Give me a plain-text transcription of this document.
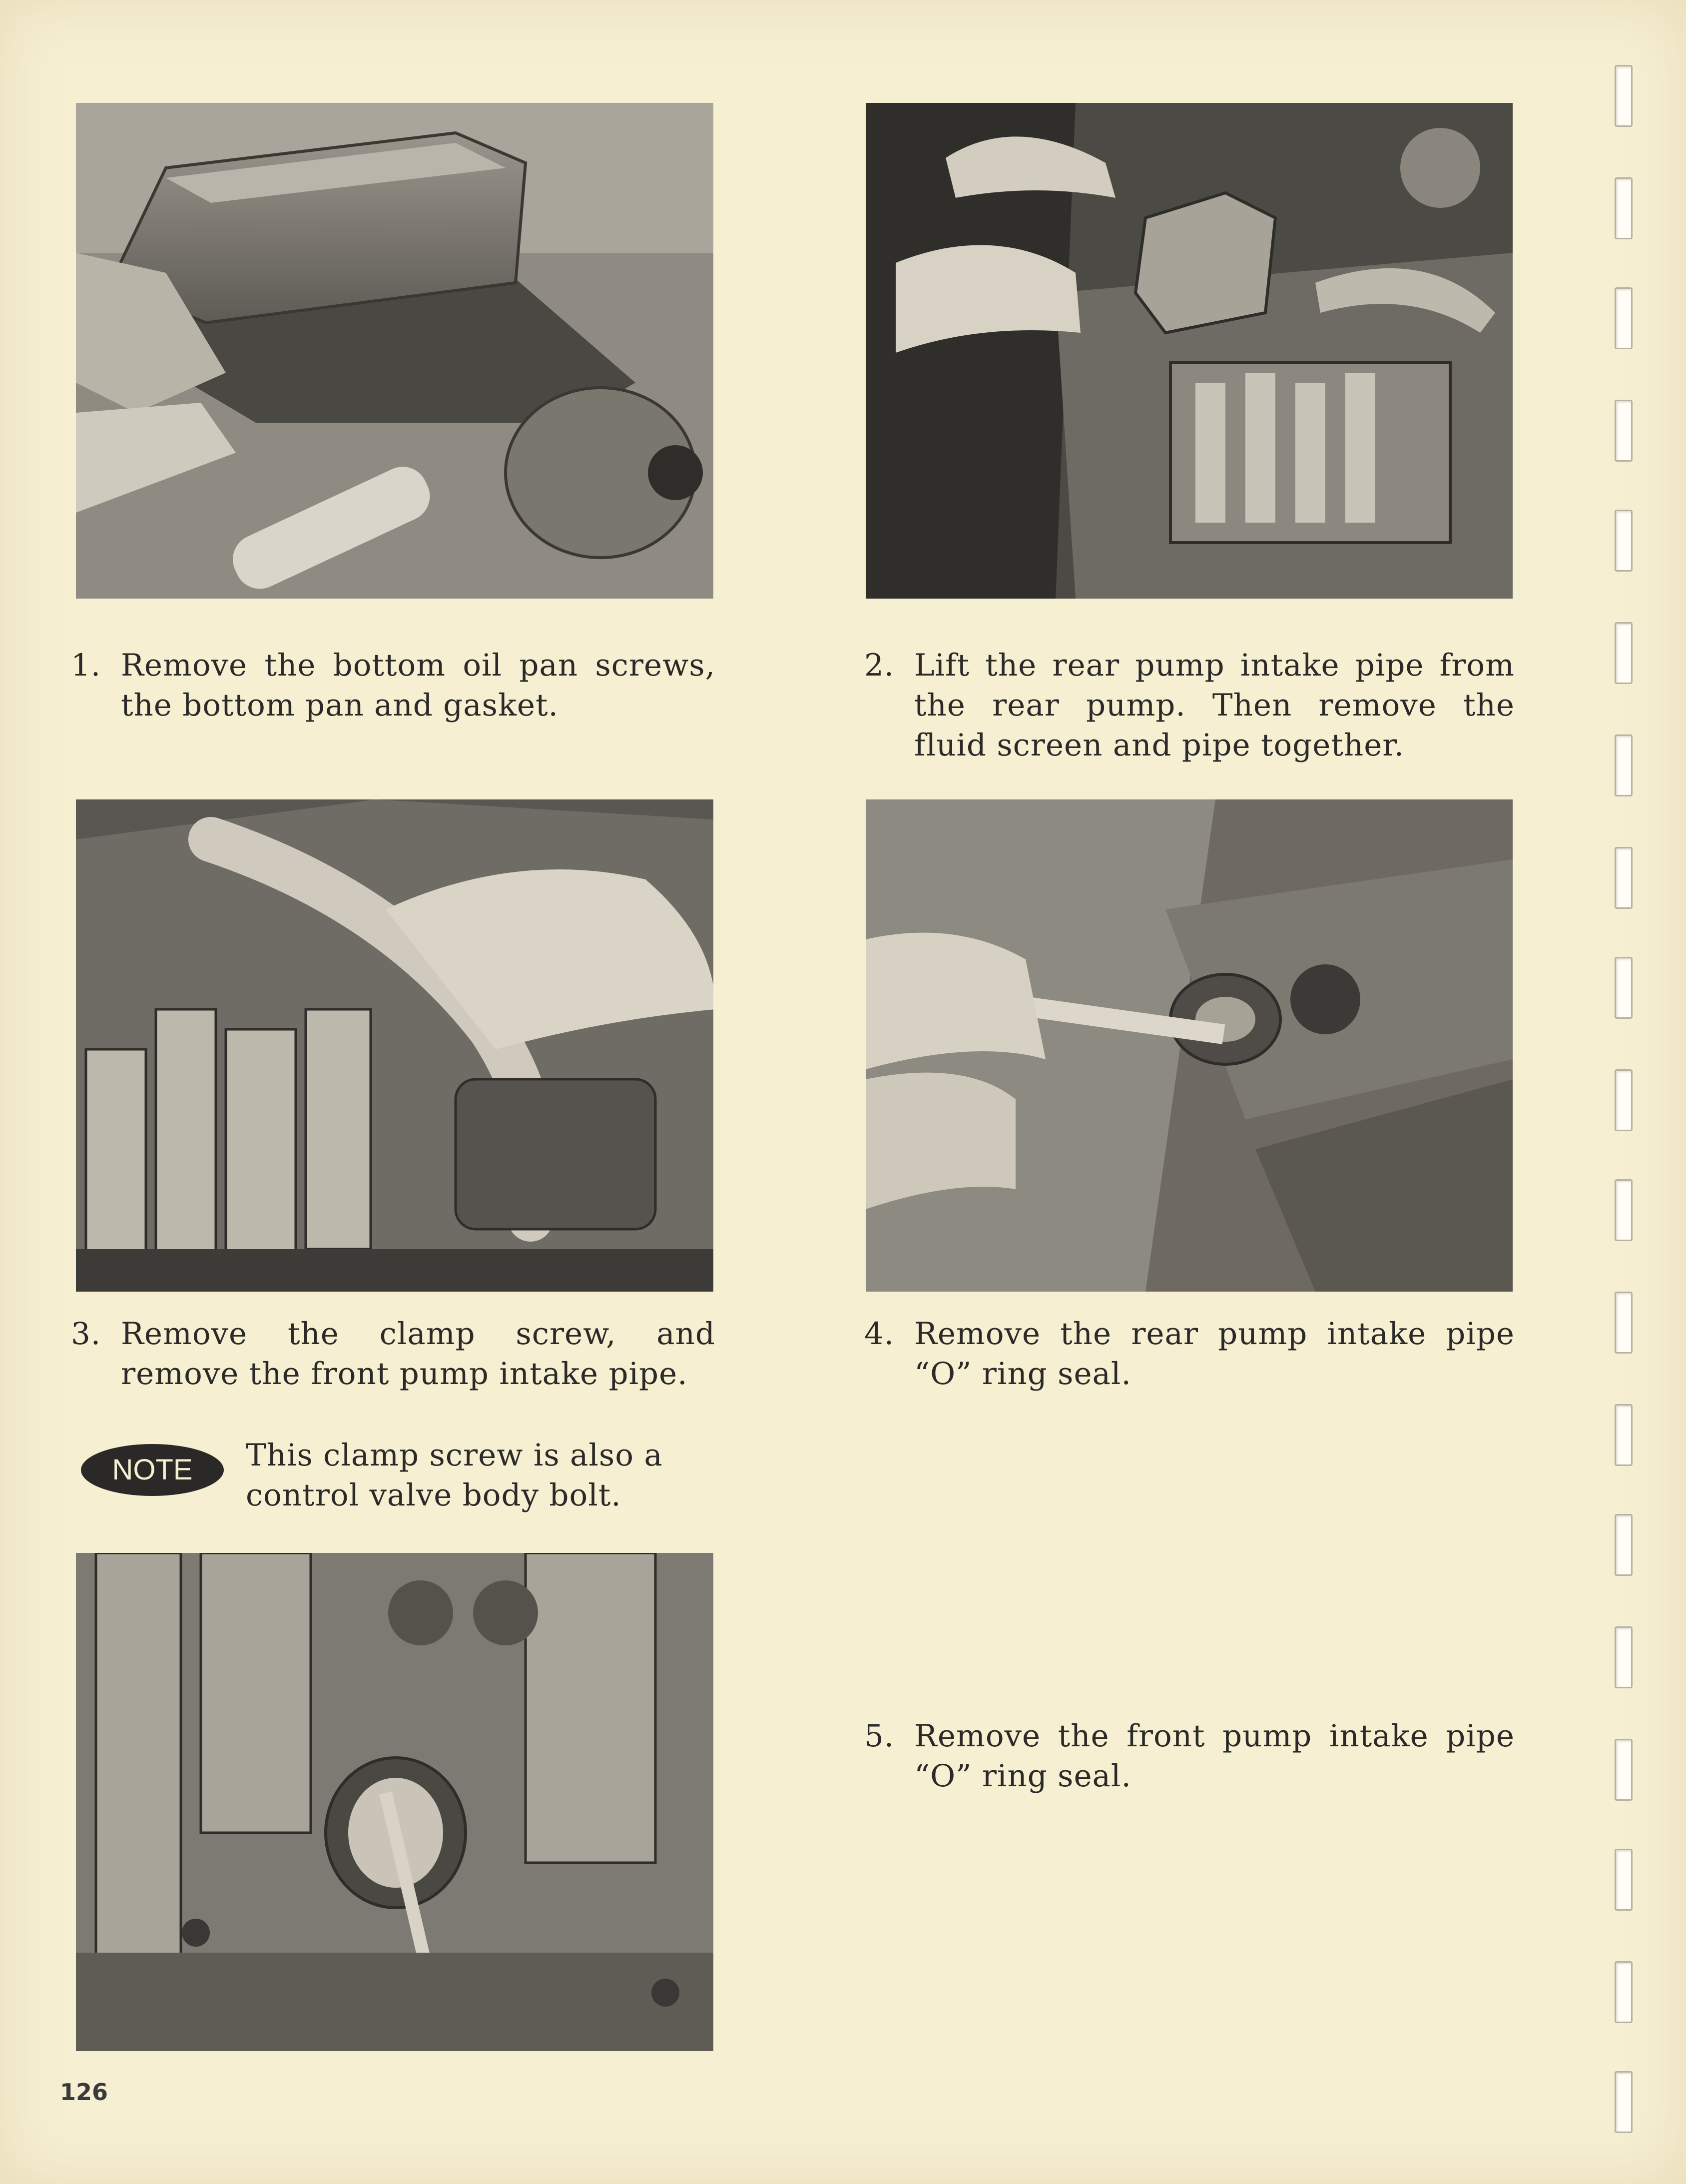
1. Remove the bottom oil pan screws, the bottom pan and gasket.
2. Lift the rear pump intake pipe from the rear pump. Then remove the fluid screen and pipe together.
3. Remove the clamp screw, and remove the front pump intake pipe.
4. Remove the rear pump intake pipe “O” ring seal.
5. Remove the front pump intake pipe “O” ring seal.
NOTE This clamp screw is also a control valve body bolt.
126
